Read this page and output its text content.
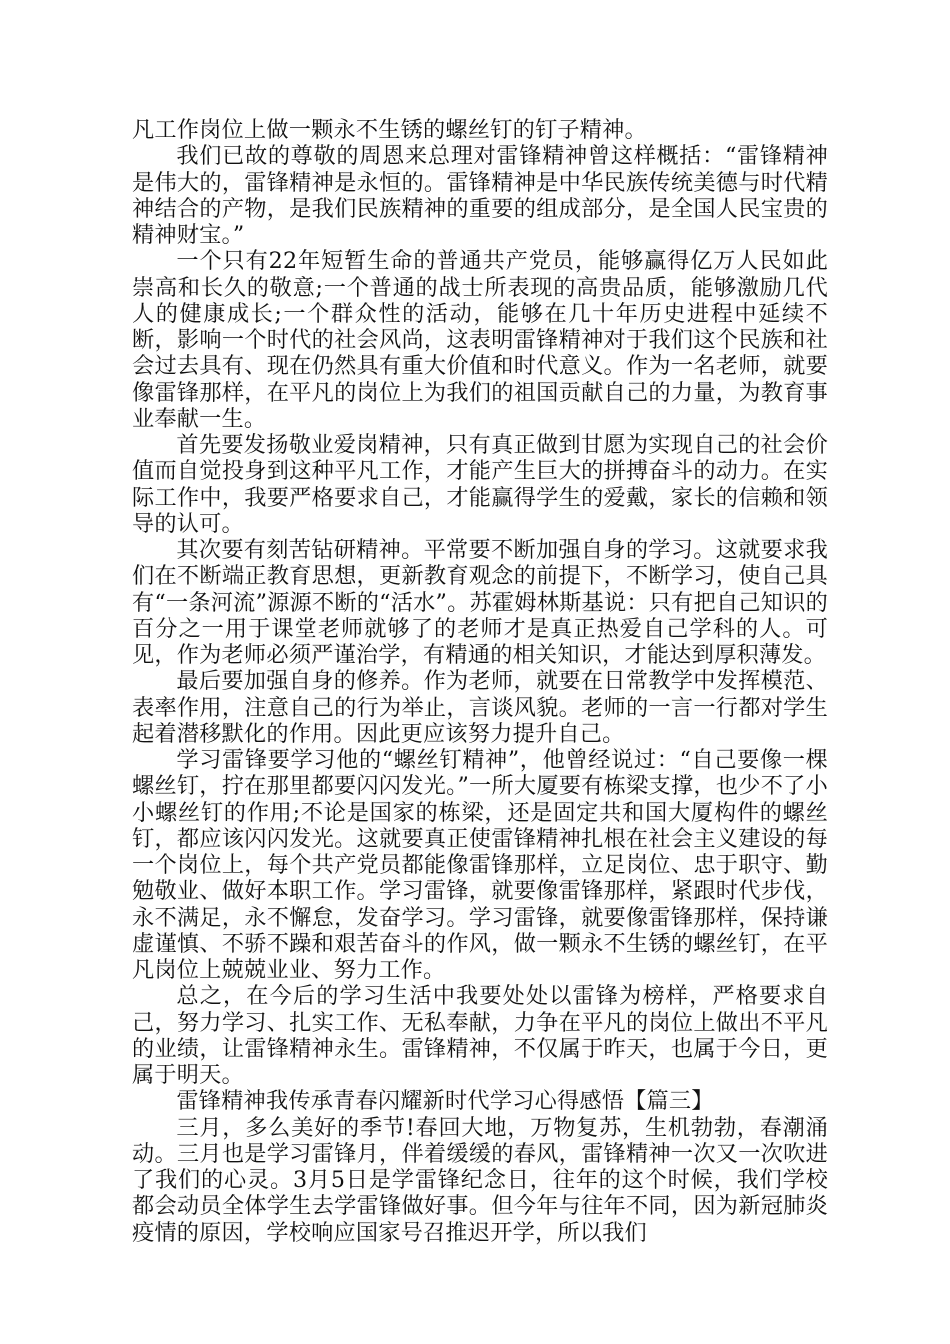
凡工作岗位上做一颗永不生锈的螺丝钉的钉子精神。

我们已故的尊敬的周恩来总理对雷锋精神曾这样概括：“雷锋精神是伟大的，雷锋精神是永恒的。雷锋精神是中华民族传统美德与时代精神结合的产物，是我们民族精神的重要的组成部分，是全国人民宝贵的精神财宝。”

一个只有22年短暂生命的普通共产党员，能够赢得亿万人民如此崇高和长久的敬意;一个普通的战士所表现的高贵品质，能够激励几代人的健康成长;一个群众性的活动，能够在几十年历史进程中延续不断，影响一个时代的社会风尚，这表明雷锋精神对于我们这个民族和社会过去具有、现在仍然具有重大价值和时代意义。作为一名老师，就要像雷锋那样，在平凡的岗位上为我们的祖国贡献自己的力量，为教育事业奉献一生。

首先要发扬敬业爱岗精神，只有真正做到甘愿为实现自己的社会价值而自觉投身到这种平凡工作，才能产生巨大的拼搏奋斗的动力。在实际工作中，我要严格要求自己，才能赢得学生的爱戴，家长的信赖和领导的认可。

其次要有刻苦钻研精神。平常要不断加强自身的学习。这就要求我们在不断端正教育思想，更新教育观念的前提下，不断学习，使自己具有“一条河流”源源不断的“活水”。苏霍姆林斯基说：只有把自己知识的百分之一用于课堂老师就够了的老师才是真正热爱自己学科的人。可见，作为老师必须严谨治学，有精通的相关知识，才能达到厚积薄发。

最后要加强自身的修养。作为老师，就要在日常教学中发挥模范、表率作用，注意自己的行为举止，言谈风貌。老师的一言一行都对学生起着潜移默化的作用。因此更应该努力提升自己。

学习雷锋要学习他的“螺丝钉精神”，他曾经说过：“自己要像一棵螺丝钉，拧在那里都要闪闪发光。”一所大厦要有栋梁支撑，也少不了小小螺丝钉的作用;不论是国家的栋梁，还是固定共和国大厦构件的螺丝钉，都应该闪闪发光。这就要真正使雷锋精神扎根在社会主义建设的每一个岗位上，每个共产党员都能像雷锋那样，立足岗位、忠于职守、勤勉敬业、做好本职工作。学习雷锋，就要像雷锋那样，紧跟时代步伐，永不满足，永不懈怠，发奋学习。学习雷锋，就要像雷锋那样，保持谦虚谨慎、不骄不躁和艰苦奋斗的作风，做一颗永不生锈的螺丝钉，在平凡岗位上兢兢业业、努力工作。

总之，在今后的学习生活中我要处处以雷锋为榜样，严格要求自己，努力学习、扎实工作、无私奉献，力争在平凡的岗位上做出不平凡的业绩，让雷锋精神永生。雷锋精神，不仅属于昨天，也属于今日，更属于明天。

雷锋精神我传承青春闪耀新时代学习心得感悟【篇三】

三月，多么美好的季节!春回大地，万物复苏，生机勃勃，春潮涌动。三月也是学习雷锋月，伴着缓缓的春风，雷锋精神一次又一次吹进了我们的心灵。3月5日是学雷锋纪念日，往年的这个时候，我们学校都会动员全体学生去学雷锋做好事。但今年与往年不同，因为新冠肺炎疫情的原因，学校响应国家号召推迟开学，所以我们
